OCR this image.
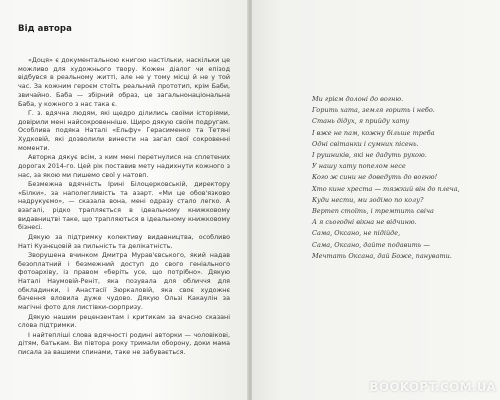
Від автора

«Доця» є документальною книгою настільки, наскільки це можливо для художнього твору. Кожен діалог чи епізод відбувся в реальному житті, але не у тому місці й не у той час. За кожним героєм стоїть реальний прототип, крім Баби, звичайно. Баба — збірний образ, це загальнонаціональна Баба, у кожного з нас така є.

Г. з. вдячна людям, які щедро ділились своїми історіями, довірили мені найсокровенніше. Щиро дякую своїм подругам. Особлива подяка Наталі «Ельфу» Герасименко та Тетяні Худковій, які дозволили винести на загал свої сокровенні моменти.

Авторка дякує всім, з ким мені перетнулися на сплетених дорогах 2014-го. Цей рік поставив мету надихнути кожного з нас, за якою ми пишемо свої у натовп.

Безмежна вдячність Ірині Білоцерковській, директору «Білки», за наполегливість та азарт. «Ми це обов'язково надрукуємо», — сказала вона, мені одразу стало легко. А взагалі, рідко трапляється в ідеальному книжковому видавництві таке, що трапляються в ідеальному книжковому бізнесі.

Дякую за підтримку колективу видавництва, особливо Наті Кузнєцовій за пильність та делікатність.

Зворушена вчинком Дмитра Мурав'євського, який надав безоплатний і безмежний доступ до свого геніального фотоархіву, із правом «беріть усе, що потрібно». Дякую Наталі Наумовій-Реніт, яка позувала для обличчя для обкладинки, і Анастасії Зюркаловій, яка своє художнє бачення вловила дуже чудово. Дякую Ользі Какаулін за магічні фото для листівки-сюрпризу.

Дякую нашим рецензентам і критикам за вчасно сказані слова підтримки.

І найтепліші слова вдячності родині авторки — чоловікові, дітям, батькам. Ви півтора року тримали оборону, доки мама писала за вашими спинами, таке не забувається.

Ми грієм долоні до вогню.
Горить хата, земля горить і небо.
Стань дідух, я прийду хату
І вже не пам, кожну більше треба
Одні світанки і сумних пісень.
І рушників, які не дадуть рукою.
У нашу хату попелом несе
Кого ж сини не доведуть до вогню!
Хто кине хреста — тяжкий він до плеча,
Куди нести, ми зодімо по колу?
Вертеп стоїть, і тремтить свіча
А я сьогодні вікна не відчиню.
Сама, Оксано, не підійде,
Сама, Оксано, дайте подавить —
Мечтать Оксана, дай Боже, панувати.
BOOKOPT.COM.UA
